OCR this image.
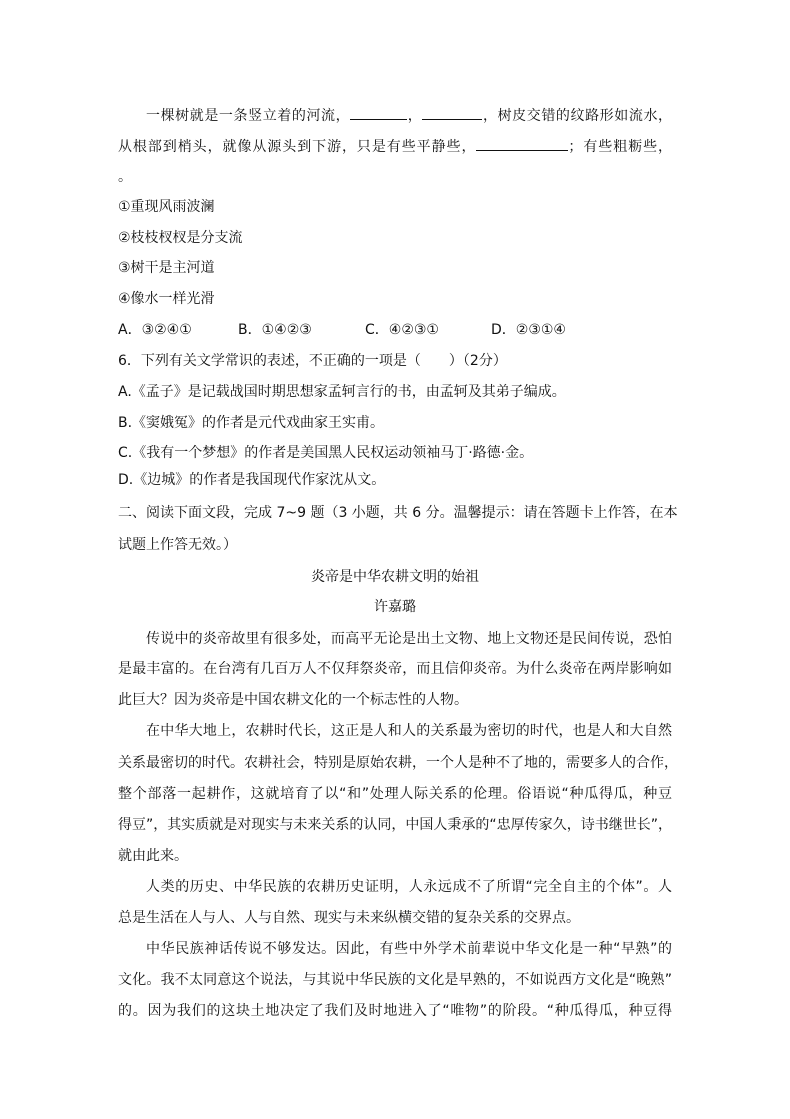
一棵树就是一条竖立着的河流，	，	，树皮交错的纹路形如流水，
从根部到梢头，就像从源头到下游，只是有些平静些，	；有些粗粝些，
。
①重现风雨波澜
②枝枝杈杈是分支流
③树干是主河道
④像水一样光滑
A．③②④①	B．①④②③	C．④②③①	D．②③①④
6．下列有关文学常识的表述，不正确的一项是（　　）（2分）
A.《孟子》是记载战国时期思想家孟轲言行的书，由孟轲及其弟子编成。
B.《窦娥冤》的作者是元代戏曲家王实甫。
C.《我有一个梦想》的作者是美国黑人民权运动领袖马丁·路德·金。
D.《边城》的作者是我国现代作家沈从文。
二、阅读下面文段，完成 7~9 题（3 小题，共 6 分。温馨提示：请在答题卡上作答，在本
试题上作答无效。）
炎帝是中华农耕文明的始祖
许嘉璐
传说中的炎帝故里有很多处，而高平无论是出土文物、地上文物还是民间传说，恐怕
是最丰富的。在台湾有几百万人不仅拜祭炎帝，而且信仰炎帝。为什么炎帝在两岸影响如
此巨大？因为炎帝是中国农耕文化的一个标志性的人物。
在中华大地上，农耕时代长，这正是人和人的关系最为密切的时代，也是人和大自然
关系最密切的时代。农耕社会，特别是原始农耕，一个人是种不了地的，需要多人的合作，
整个部落一起耕作，这就培育了以“和”处理人际关系的伦理。俗语说“种瓜得瓜，种豆
得豆”，其实质就是对现实与未来关系的认同，中国人秉承的“忠厚传家久，诗书继世长”，
就由此来。
人类的历史、中华民族的农耕历史证明，人永远成不了所谓“完全自主的个体”。人
总是生活在人与人、人与自然、现实与未来纵横交错的复杂关系的交界点。
中华民族神话传说不够发达。因此，有些中外学术前辈说中华文化是一种“早熟”的
文化。我不太同意这个说法，与其说中华民族的文化是早熟的，不如说西方文化是“晚熟”
的。因为我们的这块土地决定了我们及时地进入了“唯物”的阶段。“种瓜得瓜，种豆得
